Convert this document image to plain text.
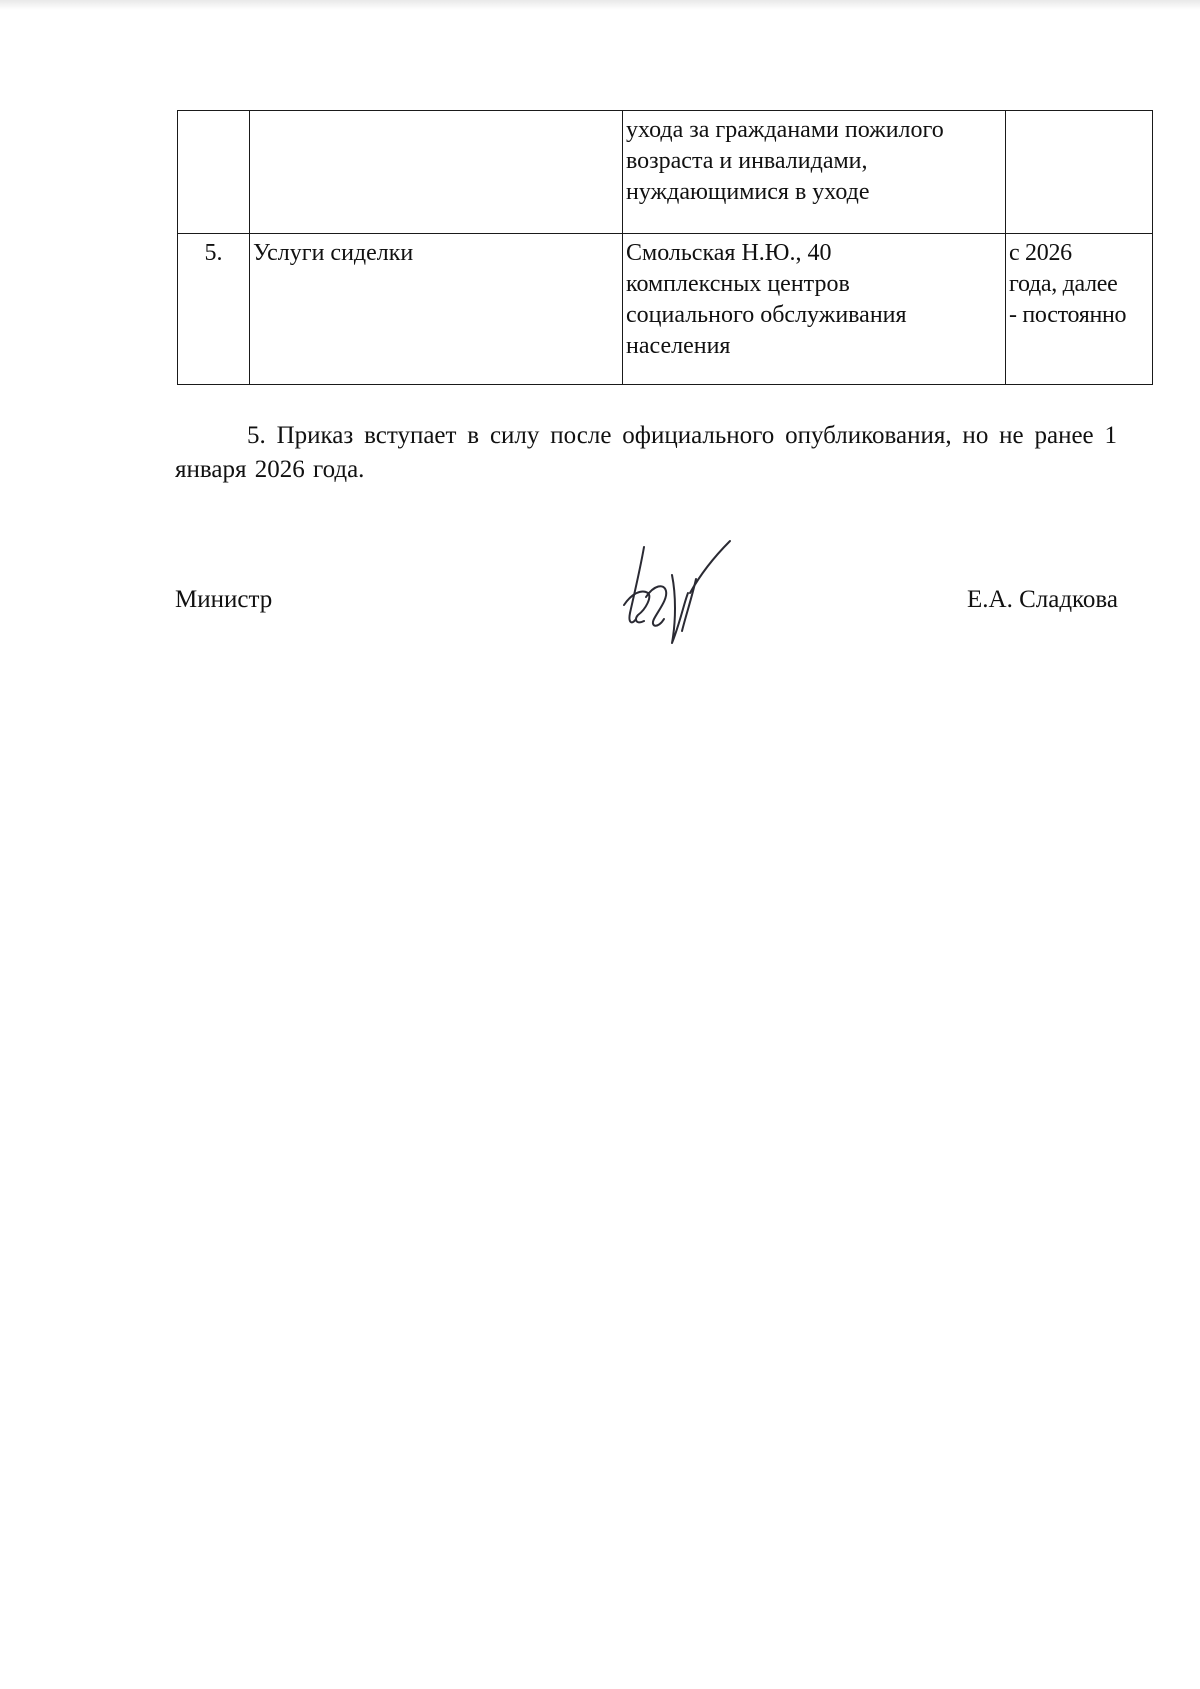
		ухода за гражданами пожилого
возраста и инвалидами,
нуждающимися в уходе	

5.	Услуги сиделки	Смольская Н.Ю., 40
комплексных центров
социального обслуживания
населения	с 2026
года, далее
- постоянно

5. Приказ вступает в силу после официального опубликования, но не ранее 1 января 2026 года.

Министр	Е.А. Сладкова
